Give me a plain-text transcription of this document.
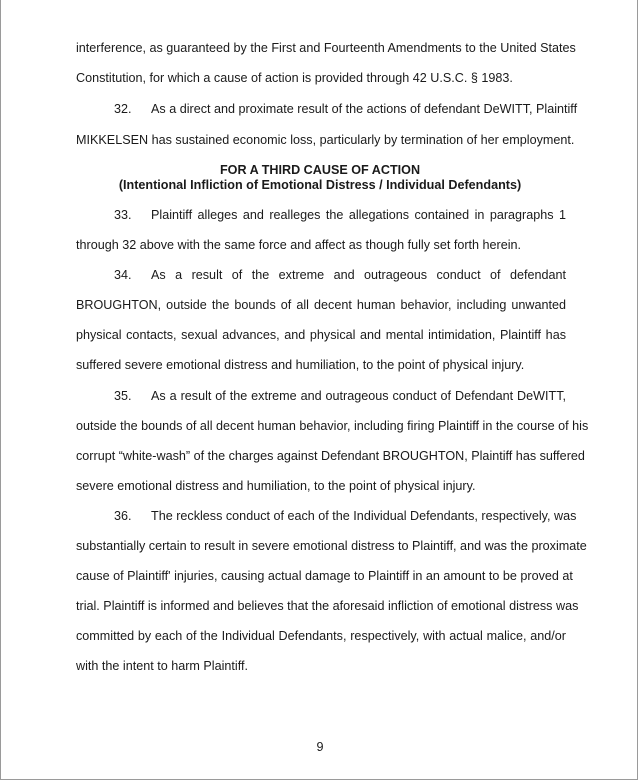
interference, as guaranteed by the First and Fourteenth Amendments to the United States
Constitution, for which a cause of action is provided through 42 U.S.C. § 1983.
32. As a direct and proximate result of the actions of defendant DeWITT, Plaintiff
MIKKELSEN has sustained economic loss, particularly by termination of her employment.
FOR A THIRD CAUSE OF ACTION
(Intentional Infliction of Emotional Distress / Individual Defendants)
33. Plaintiff alleges and realleges the allegations contained in paragraphs 1
through 32 above with the same force and affect as though fully set forth herein.
34. As a result of the extreme and outrageous conduct of defendant
BROUGHTON, outside the bounds of all decent human behavior, including unwanted
physical contacts, sexual advances, and physical and mental intimidation, Plaintiff has
suffered severe emotional distress and humiliation, to the point of physical injury.
35. As a result of the extreme and outrageous conduct of Defendant DeWITT,
outside the bounds of all decent human behavior, including firing Plaintiff in the course of his
corrupt “white-wash” of the charges against Defendant BROUGHTON, Plaintiff has suffered
severe emotional distress and humiliation, to the point of physical injury.
36. The reckless conduct of each of the Individual Defendants, respectively, was
substantially certain to result in severe emotional distress to Plaintiff, and was the proximate
cause of Plaintiff' injuries, causing actual damage to Plaintiff in an amount to be proved at
trial. Plaintiff is informed and believes that the aforesaid infliction of emotional distress was
committed by each of the Individual Defendants, respectively, with actual malice, and/or
with the intent to harm Plaintiff.
9
